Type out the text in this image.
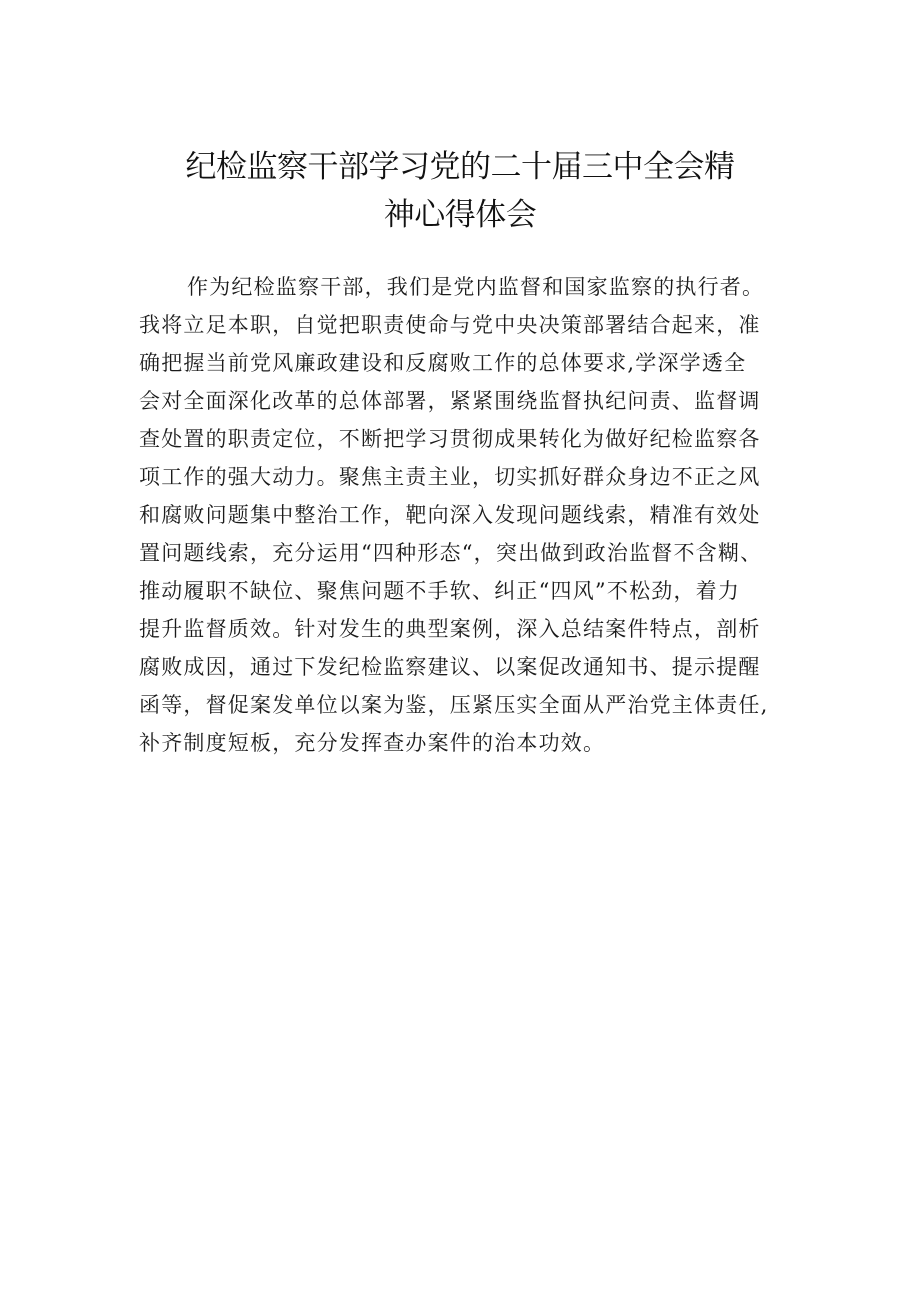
纪检监察干部学习党的二十届三中全会精
神心得体会
作为纪检监察干部，我们是党内监督和国家监察的执行者。
我将立足本职，自觉把职责使命与党中央决策部署结合起来，准
确把握当前党风廉政建设和反腐败工作的总体要求,学深学透全
会对全面深化改革的总体部署，紧紧围绕监督执纪问责、监督调
查处置的职责定位，不断把学习贯彻成果转化为做好纪检监察各
项工作的强大动力。聚焦主责主业，切实抓好群众身边不正之风
和腐败问题集中整治工作，靶向深入发现问题线索，精准有效处
置问题线索，充分运用“四种形态“，突出做到政治监督不含糊、
推动履职不缺位、聚焦问题不手软、纠正“四风”不松劲，着力
提升监督质效。针对发生的典型案例，深入总结案件特点，剖析
腐败成因，通过下发纪检监察建议、以案促改通知书、提示提醒
函等，督促案发单位以案为鉴，压紧压实全面从严治党主体责任,
补齐制度短板，充分发挥查办案件的治本功效。
